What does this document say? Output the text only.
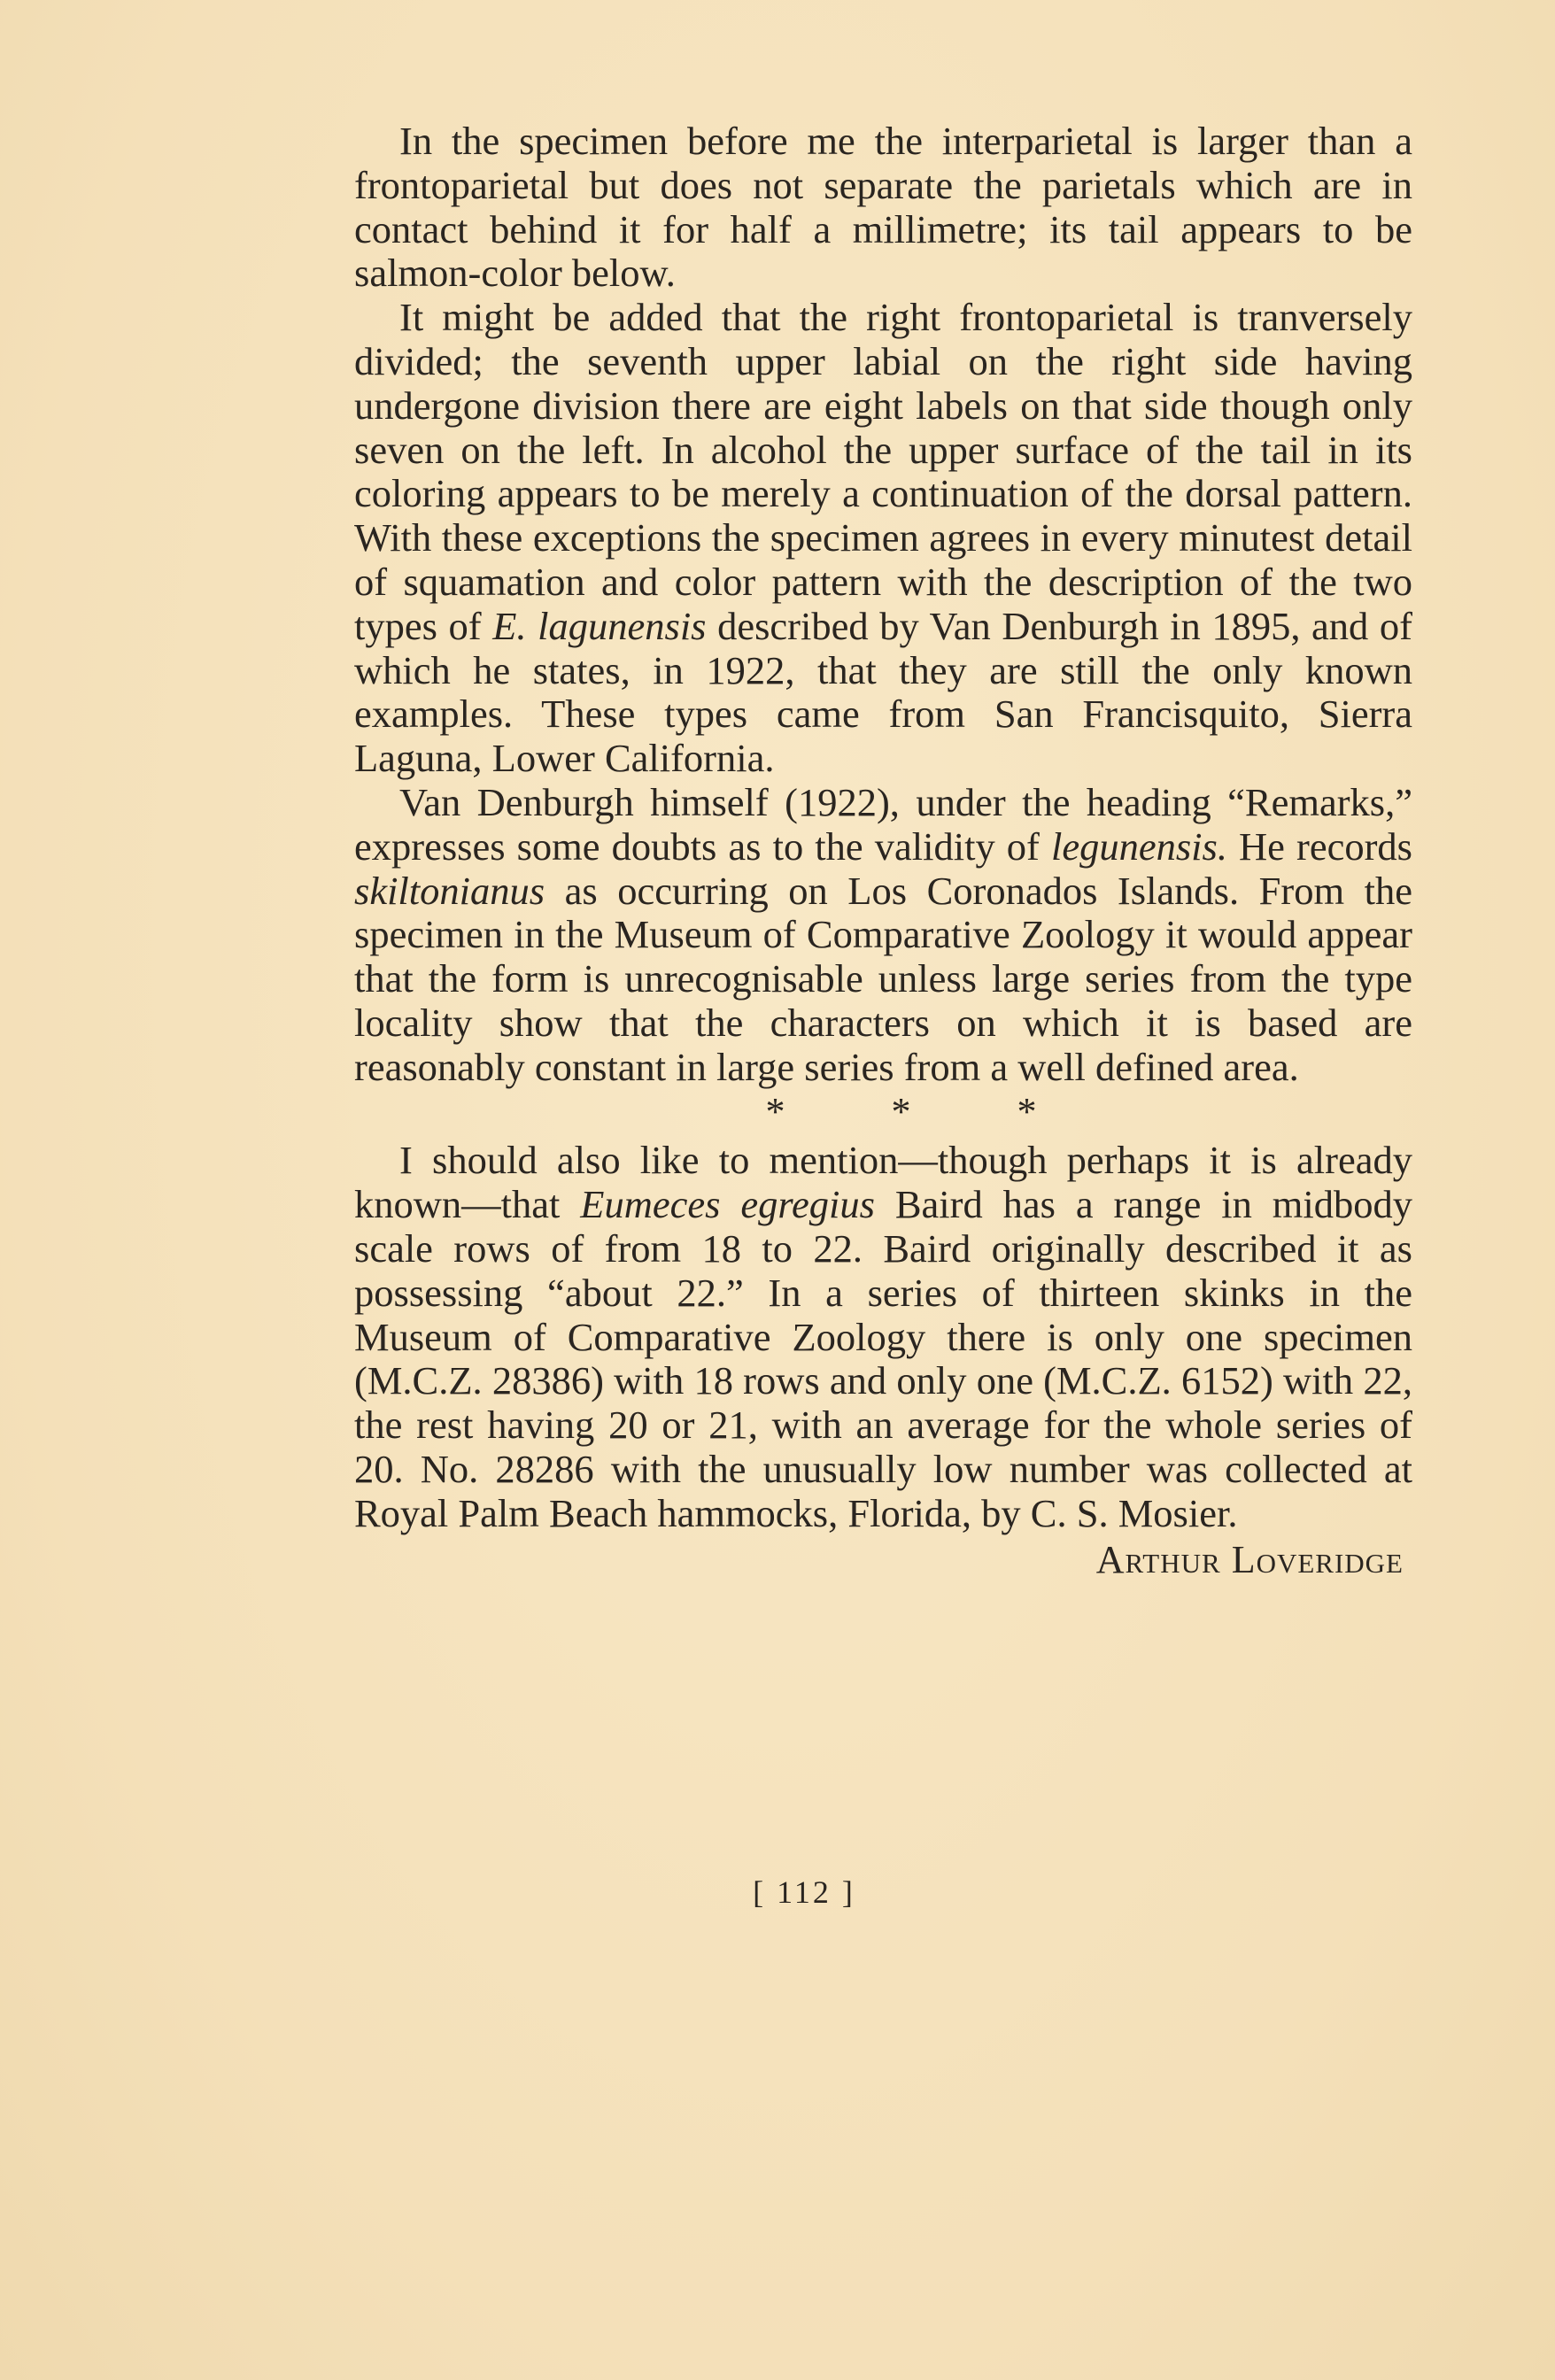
In the specimen before me the interparietal is larger than a frontoparietal but does not separate the parietals which are in contact behind it for half a millimetre; its tail appears to be salmon-color below.

It might be added that the right frontoparietal is tranversely divided; the seventh upper labial on the right side having undergone division there are eight labels on that side though only seven on the left. In alcohol the upper surface of the tail in its coloring appears to be merely a continuation of the dorsal pattern. With these exceptions the specimen agrees in every minutest detail of squamation and color pattern with the description of the two types of E. lagunensis described by Van Denburgh in 1895, and of which he states, in 1922, that they are still the only known examples. These types came from San Francisquito, Sierra Laguna, Lower California.

Van Denburgh himself (1922), under the heading “Remarks,” expresses some doubts as to the validity of legunensis. He records skiltonianus as occurring on Los Coronados Islands. From the specimen in the Museum of Comparative Zoology it would appear that the form is unrecognisable unless large series from the type locality show that the characters on which it is based are reasonably constant in large series from a well defined area.

*	*	*

I should also like to mention—though perhaps it is already known—that Eumeces egregius Baird has a range in midbody scale rows of from 18 to 22. Baird originally described it as possessing “about 22.” In a series of thirteen skinks in the Museum of Comparative Zoology there is only one specimen (M.C.Z. 28386) with 18 rows and only one (M.C.Z. 6152) with 22, the rest having 20 or 21, with an average for the whole series of 20. No. 28286 with the unusually low number was collected at Royal Palm Beach hammocks, Florida, by C. S. Mosier.

Arthur Loveridge
[ 112 ]
